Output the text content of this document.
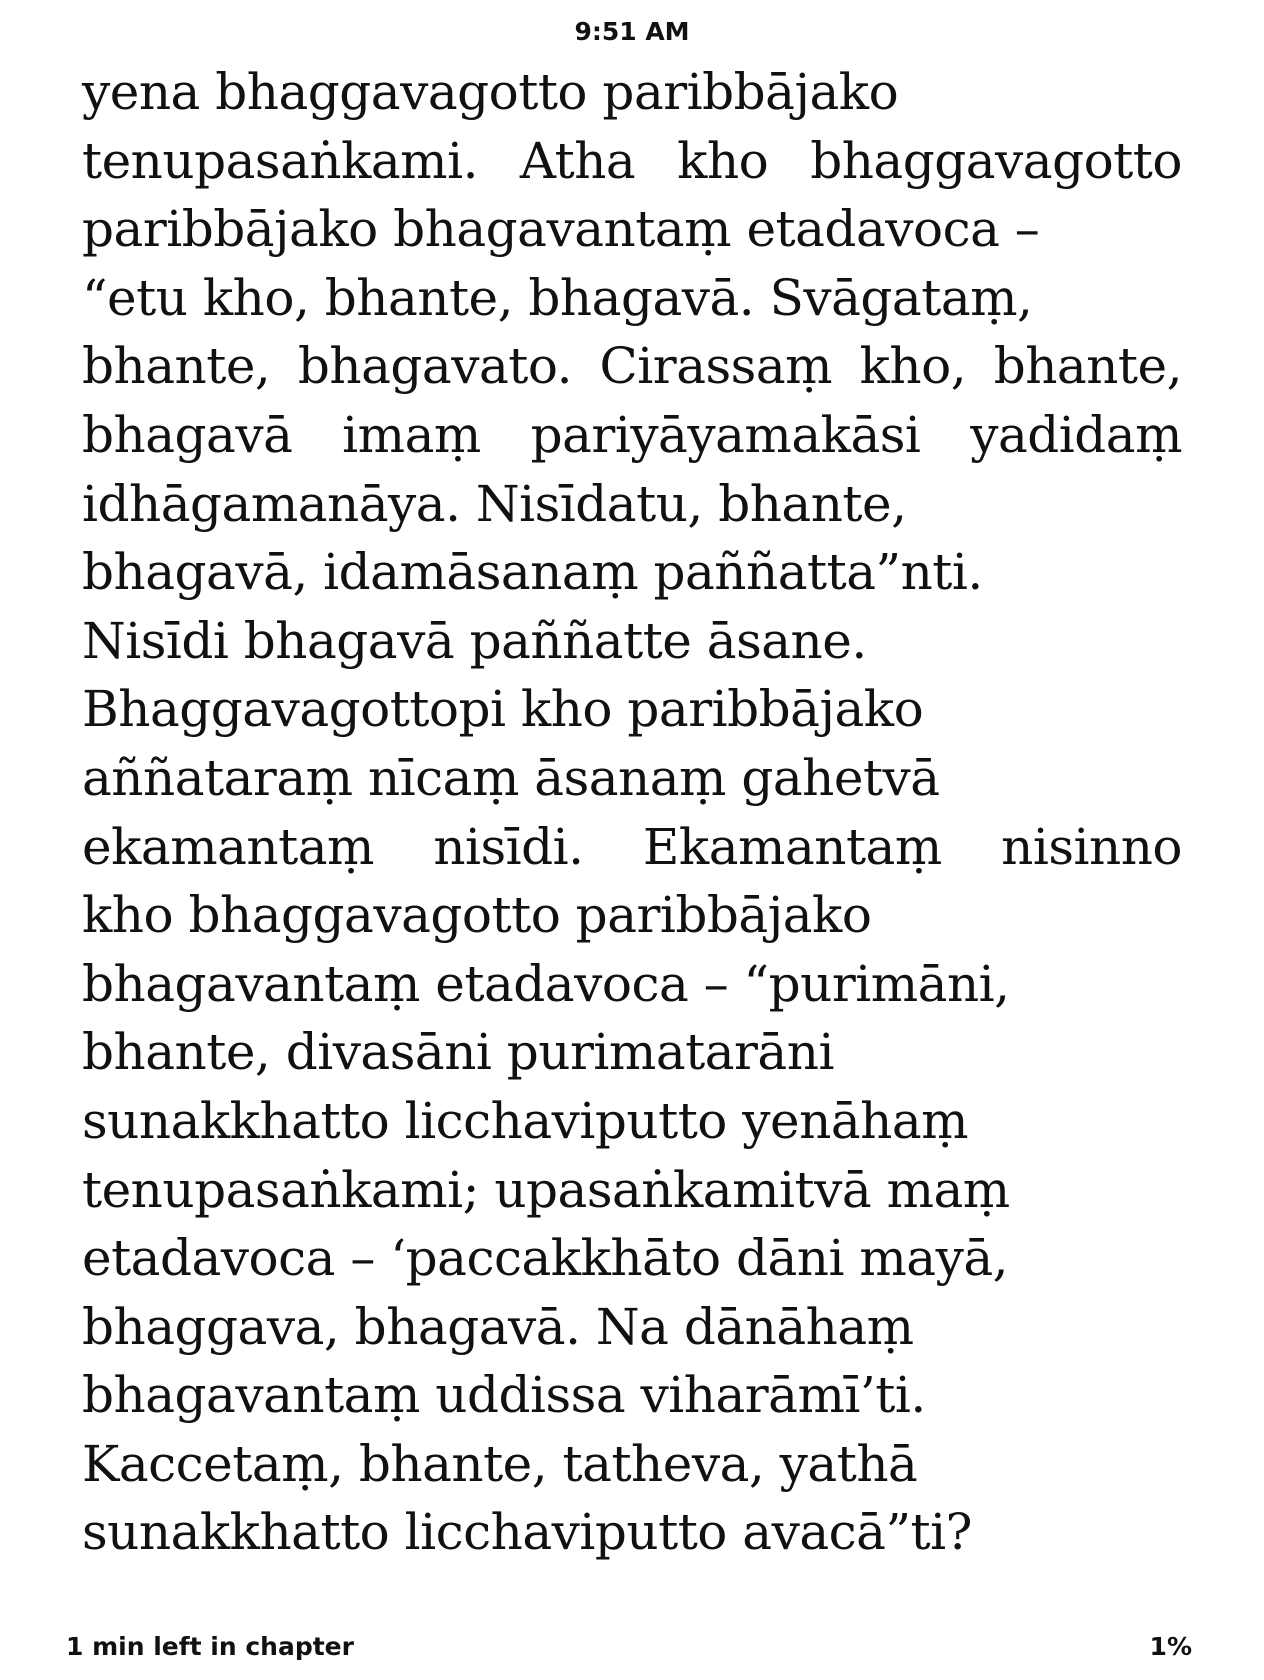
9:51 AM
yena bhaggavagotto paribbājako
tenupasaṅkami. Atha kho bhaggavagotto
paribbājako bhagavantaṃ etadavoca –
“etu kho, bhante, bhagavā. Svāgataṃ,
bhante, bhagavato. Cirassaṃ kho, bhante,
bhagavā imaṃ pariyāyamakāsi yadidaṃ
idhāgamanāya. Nisīdatu, bhante,
bhagavā, idamāsanaṃ paññatta”nti.
Nisīdi bhagavā paññatte āsane.
Bhaggavagottopi kho paribbājako
aññataraṃ nīcaṃ āsanaṃ gahetvā
ekamantaṃ nisīdi. Ekamantaṃ nisinno
kho bhaggavagotto paribbājako
bhagavantaṃ etadavoca – “purimāni,
bhante, divasāni purimatarāni
sunakkhatto licchaviputto yenāhaṃ
tenupasaṅkami; upasaṅkamitvā maṃ
etadavoca – ‘paccakkhāto dāni mayā,
bhaggava, bhagavā. Na dānāhaṃ
bhagavantaṃ uddissa viharāmī’ti.
Kaccetaṃ, bhante, tatheva, yathā
sunakkhatto licchaviputto avacā”ti?
1 min left in chapter	1%
